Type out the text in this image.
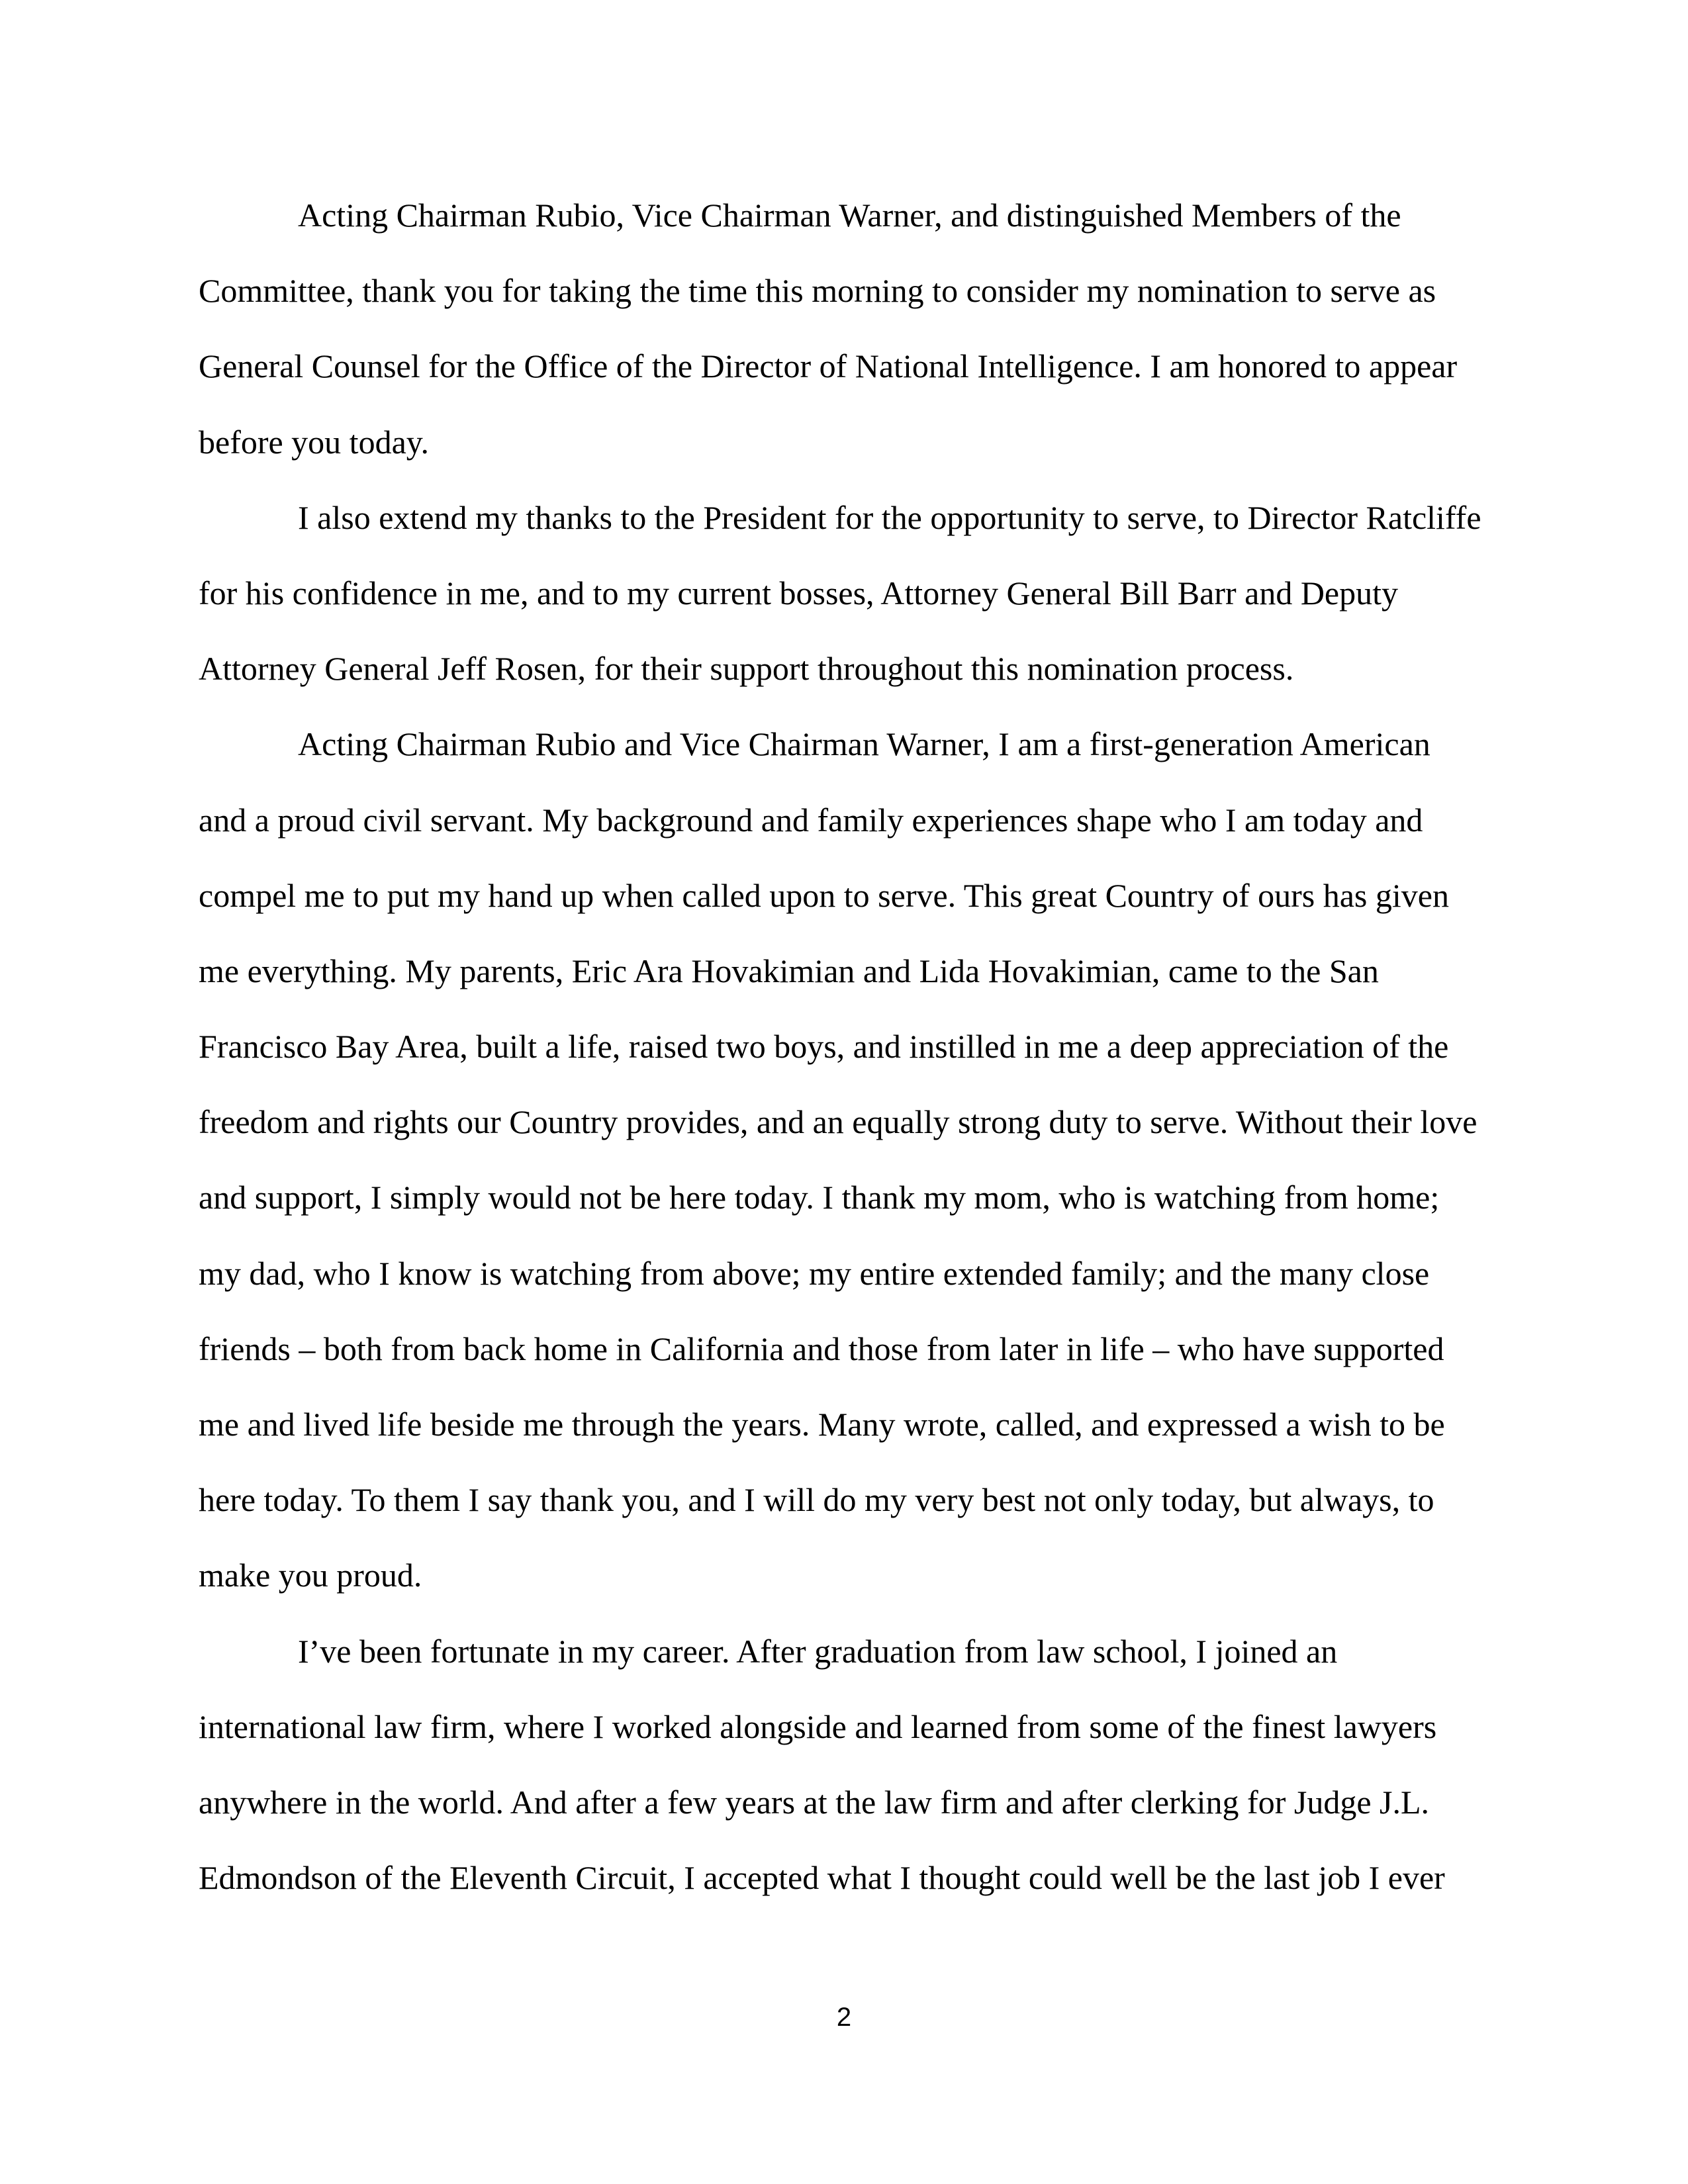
Acting Chairman Rubio, Vice Chairman Warner, and distinguished Members of the
Committee, thank you for taking the time this morning to consider my nomination to serve as
General Counsel for the Office of the Director of National Intelligence. I am honored to appear
before you today.
I also extend my thanks to the President for the opportunity to serve, to Director Ratcliffe
for his confidence in me, and to my current bosses, Attorney General Bill Barr and Deputy
Attorney General Jeff Rosen, for their support throughout this nomination process.
Acting Chairman Rubio and Vice Chairman Warner, I am a first-generation American
and a proud civil servant. My background and family experiences shape who I am today and
compel me to put my hand up when called upon to serve. This great Country of ours has given
me everything. My parents, Eric Ara Hovakimian and Lida Hovakimian, came to the San
Francisco Bay Area, built a life, raised two boys, and instilled in me a deep appreciation of the
freedom and rights our Country provides, and an equally strong duty to serve. Without their love
and support, I simply would not be here today. I thank my mom, who is watching from home;
my dad, who I know is watching from above; my entire extended family; and the many close
friends – both from back home in California and those from later in life – who have supported
me and lived life beside me through the years. Many wrote, called, and expressed a wish to be
here today. To them I say thank you, and I will do my very best not only today, but always, to
make you proud.
I’ve been fortunate in my career. After graduation from law school, I joined an
international law firm, where I worked alongside and learned from some of the finest lawyers
anywhere in the world. And after a few years at the law firm and after clerking for Judge J.L.
Edmondson of the Eleventh Circuit, I accepted what I thought could well be the last job I ever
2
